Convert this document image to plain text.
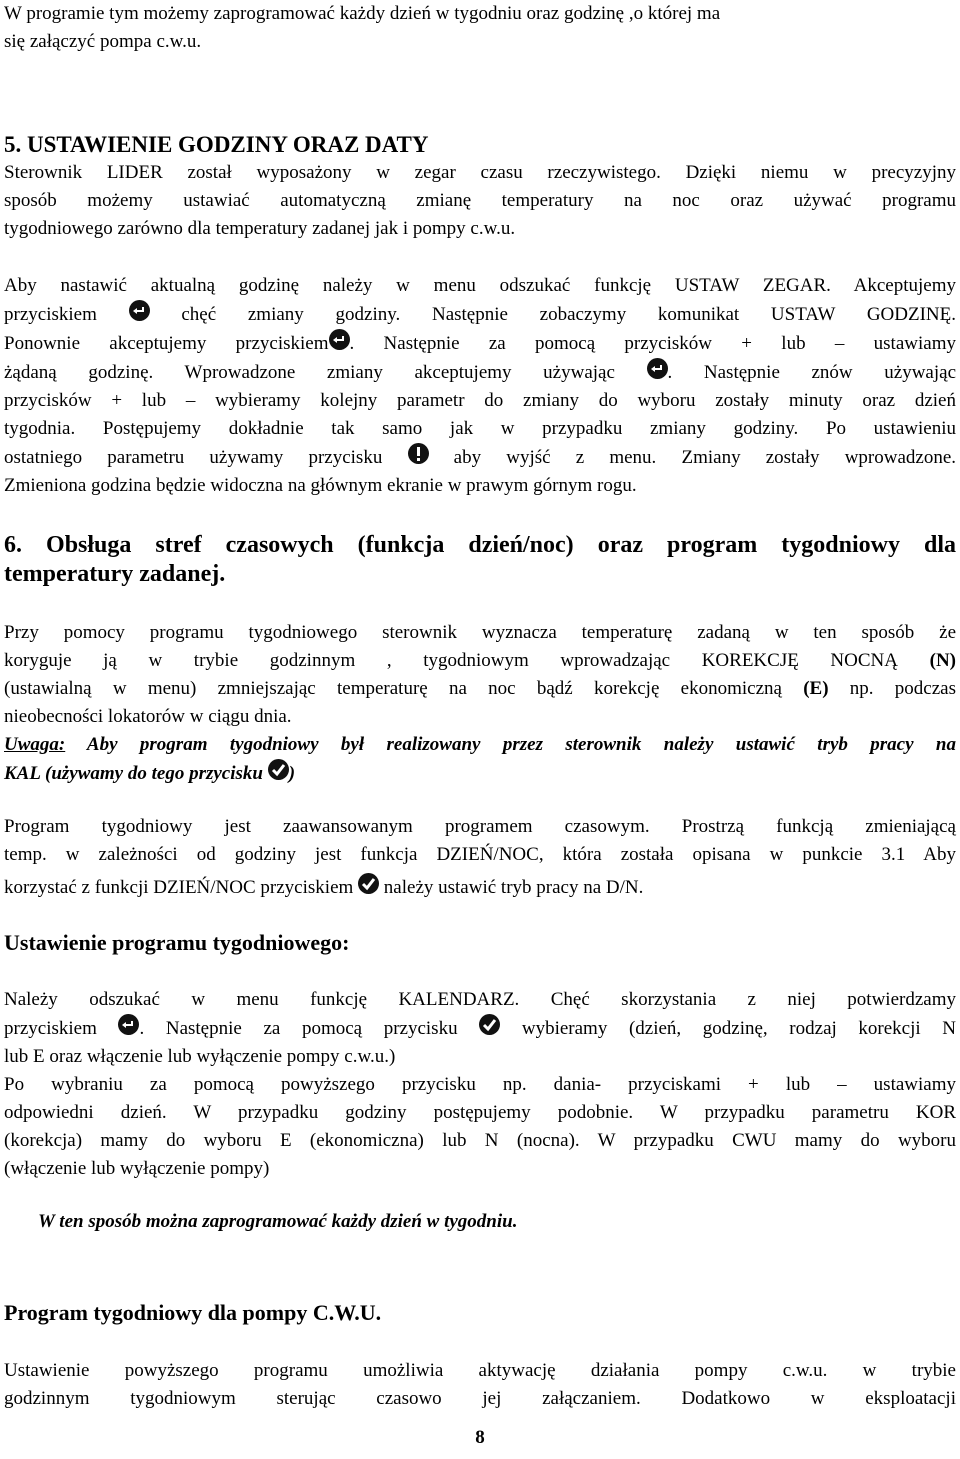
W programie tym możemy zaprogramować każdy dzień w tygodniu oraz godzinę ,o której ma

się załączyć pompa c.w.u.

5. USTAWIENIE GODZINY ORAZ DATY

Sterownik LIDER został wyposażony w zegar czasu rzeczywistego. Dzięki niemu w precyzyjny

sposób możemy ustawiać automatyczną zmianę temperatury na noc oraz używać programu

tygodniowego zarówno dla temperatury zadanej jak i pompy c.w.u.

Aby nastawić aktualną godzinę należy w menu odszukać funkcję USTAW ZEGAR. Akceptujemy

przyciskiem	chęć zmiany godziny. Następnie zobaczymy komunikat USTAW GODZINĘ.

Ponownie akceptujemy przyciskiem . Następnie za pomocą przycisków + lub – ustawiamy

żądaną godzinę. Wprowadzone zmiany akceptujemy używając	. Następnie znów używając

przycisków + lub – wybieramy kolejny parametr do zmiany do wyboru zostały minuty oraz dzień

tygodnia. Postępujemy dokładnie tak samo jak w przypadku zmiany godziny. Po ustawieniu

ostatniego parametru używamy przycisku	aby wyjść z menu. Zmiany zostały wprowadzone.

Zmieniona godzina będzie widoczna na głównym ekranie w prawym górnym rogu.

6. Obsługa stref czasowych (funkcja dzień/noc) oraz program tygodniowy dla

temperatury zadanej.

Przy pomocy programu tygodniowego sterownik wyznacza temperaturę zadaną w ten sposób że

koryguje ją w trybie godzinnym , tygodniowym wprowadzając KOREKCJĘ NOCNĄ (N)

(ustawialną w menu) zmniejszając temperaturę na noc bądź korekcję ekonomiczną (E) np. podczas

nieobecności lokatorów w ciągu dnia.

Uwaga: Aby program tygodniowy był realizowany przez sterownik należy ustawić tryb pracy na

KAL (używamy do tego przycisku )

Program tygodniowy jest zaawansowanym programem czasowym. Prostrzą funkcją zmieniającą

temp. w zależności od godziny jest funkcja DZIEŃ/NOC, która została opisana w punkcie 3.1 Aby

korzystać z funkcji DZIEŃ/NOC przyciskiem należy ustawić tryb pracy na D/N.

Ustawienie programu tygodniowego:

Należy odszukać w menu funkcję KALENDARZ. Chęć skorzystania z niej potwierdzamy

przyciskiem . Następnie za pomocą przycisku	wybieramy (dzień, godzinę, rodzaj korekcji N

lub E oraz włączenie lub wyłączenie pompy c.w.u.)

Po wybraniu za pomocą powyższego przycisku np. dania- przyciskami + lub – ustawiamy

odpowiedni dzień. W przypadku godziny postępujemy podobnie. W przypadku parametru KOR

(korekcja) mamy do wyboru E (ekonomiczna) lub N (nocna). W przypadku CWU mamy do wyboru

(włączenie lub wyłączenie pompy)

W ten sposób można zaprogramować każdy dzień w tygodniu.

Program tygodniowy dla pompy C.W.U.

Ustawienie powyższego programu umożliwia aktywację działania pompy c.w.u. w trybie

godzinnym tygodniowym sterując czasowo jej załączaniem. Dodatkowo w eksploatacji

8
